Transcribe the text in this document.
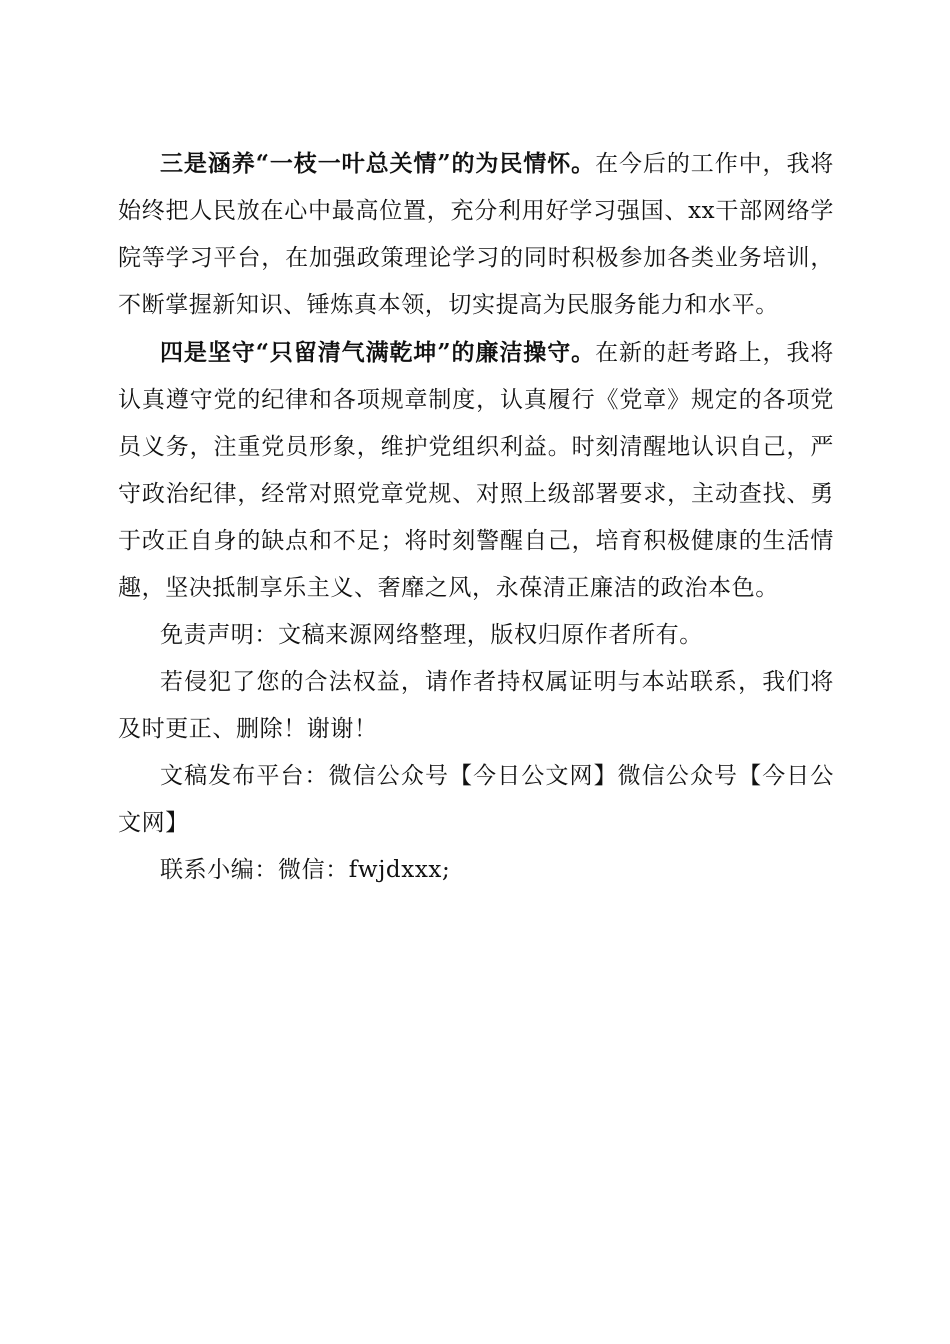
三是涵养“一枝一叶总关情”的为民情怀。在今后的工作中，我将始终把人民放在心中最高位置，充分利用好学习强国、xx干部网络学院等学习平台，在加强政策理论学习的同时积极参加各类业务培训，不断掌握新知识、锤炼真本领，切实提高为民服务能力和水平。

四是坚守“只留清气满乾坤”的廉洁操守。在新的赶考路上，我将认真遵守党的纪律和各项规章制度，认真履行《党章》规定的各项党员义务，注重党员形象，维护党组织利益。时刻清醒地认识自己，严守政治纪律，经常对照党章党规、对照上级部署要求，主动查找、勇于改正自身的缺点和不足；将时刻警醒自己，培育积极健康的生活情趣，坚决抵制享乐主义、奢靡之风，永葆清正廉洁的政治本色。

免责声明：文稿来源网络整理，版权归原作者所有。

若侵犯了您的合法权益，请作者持权属证明与本站联系，我们将及时更正、删除！谢谢！

文稿发布平台：微信公众号【今日公文网】微信公众号【今日公文网】

联系小编：微信：fwjdxxx;
